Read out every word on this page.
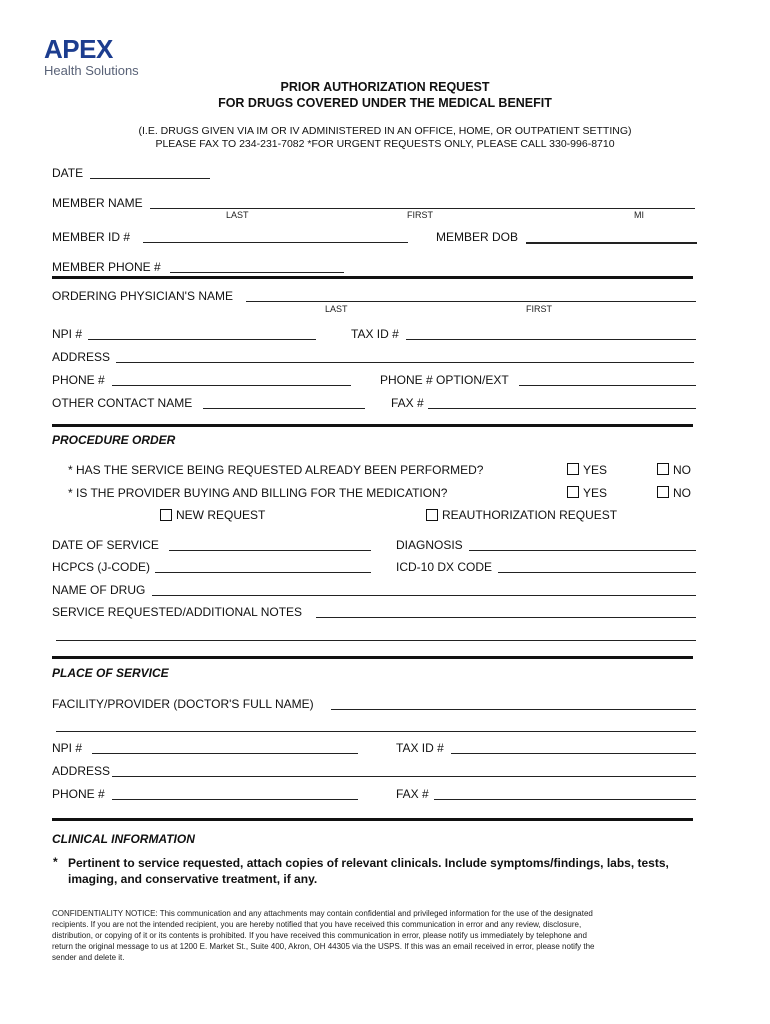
APEX
Health Solutions
PRIOR AUTHORIZATION REQUEST
FOR DRUGS COVERED UNDER THE MEDICAL BENEFIT
(I.E. DRUGS GIVEN VIA IM OR IV ADMINISTERED IN AN OFFICE, HOME, OR OUTPATIENT SETTING)
PLEASE FAX TO 234-231-7082 *FOR URGENT REQUESTS ONLY, PLEASE CALL 330-996-8710
DATE
MEMBER NAME
LAST	FIRST	MI
MEMBER ID #	MEMBER DOB
MEMBER PHONE #
ORDERING PHYSICIAN'S NAME
LAST	FIRST
NPI #	TAX ID #
ADDRESS
PHONE #	PHONE # OPTION/EXT
OTHER CONTACT NAME	FAX #
PROCEDURE ORDER
* HAS THE SERVICE BEING REQUESTED ALREADY BEEN PERFORMED?	YES	NO
* IS THE PROVIDER BUYING AND BILLING FOR THE MEDICATION?	YES	NO
NEW REQUEST	REAUTHORIZATION REQUEST
DATE OF SERVICE	DIAGNOSIS
HCPCS (J-CODE)	ICD-10 DX CODE
NAME OF DRUG
SERVICE REQUESTED/ADDITIONAL NOTES
PLACE OF SERVICE
FACILITY/PROVIDER (DOCTOR'S FULL NAME)
NPI #	TAX ID #
ADDRESS
PHONE #	FAX #
CLINICAL INFORMATION
* Pertinent to service requested, attach copies of relevant clinicals. Include symptoms/findings, labs, tests,
imaging, and conservative treatment, if any.
CONFIDENTIALITY NOTICE: This communication and any attachments may contain confidential and privileged information for the use of the designated
recipients. If you are not the intended recipient, you are hereby notified that you have received this communication in error and any review, disclosure,
distribution, or copying of it or its contents is prohibited. If you have received this communication in error, please notify us immediately by telephone and
return the original message to us at 1200 E. Market St., Suite 400, Akron, OH 44305 via the USPS. If this was an email received in error, please notify the
sender and delete it.
